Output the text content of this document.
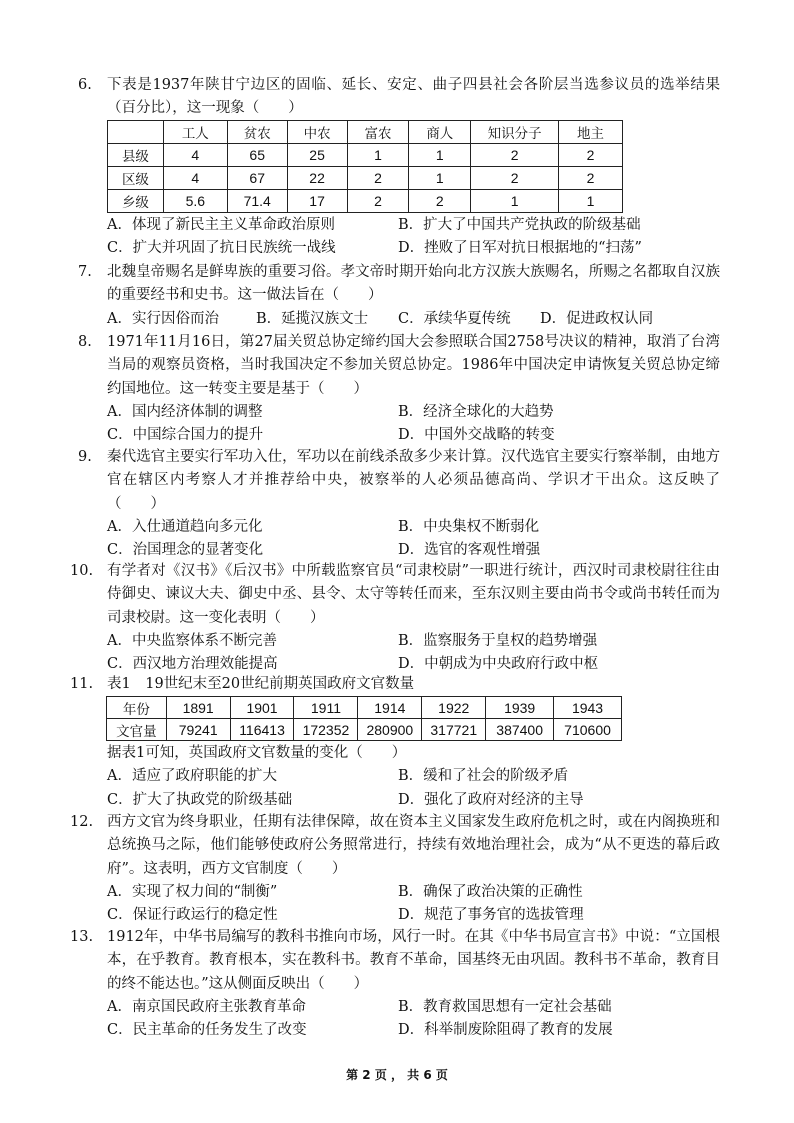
6.	下表是1937年陕甘宁边区的固临、延长、安定、曲子四县社会各阶层当选参议员的选举结果（百分比），这一现象（　　）
	工人	贫农	中农	富农	商人	知识分子	地主
县级	4	65	25	1	1	2	2
区级	4	67	22	2	1	2	2
乡级	5.6	71.4	17	2	2	1	1
A．体现了新民主主义革命政治原则	B．扩大了中国共产党执政的阶级基础
C．扩大并巩固了抗日民族统一战线	D．挫败了日军对抗日根据地的“扫荡”
7.	北魏皇帝赐名是鲜卑族的重要习俗。孝文帝时期开始向北方汉族大族赐名，所赐之名都取自汉族的重要经书和史书。这一做法旨在（　　）
A．实行因俗而治	B．延揽汉族文士 C．承续华夏传统 D．促进政权认同
8.	1971年11月16日，第27届关贸总协定缔约国大会参照联合国2758号决议的精神，取消了台湾当局的观察员资格，当时我国决定不参加关贸总协定。1986年中国决定申请恢复关贸总协定缔约国地位。这一转变主要是基于（　　）
A．国内经济体制的调整	B．经济全球化的大趋势
C．中国综合国力的提升	D．中国外交战略的转变
9.	秦代选官主要实行军功入仕，军功以在前线杀敌多少来计算。汉代选官主要实行察举制，由地方官在辖区内考察人才并推荐给中央，被察举的人必须品德高尚、学识才干出众。这反映了（　　）
A．入仕通道趋向多元化	B．中央集权不断弱化
C．治国理念的显著变化	D．选官的客观性增强
10. 有学者对《汉书》《后汉书》中所载监察官员“司隶校尉”一职进行统计，西汉时司隶校尉往往由侍御史、谏议大夫、御史中丞、县令、太守等转任而来，至东汉则主要由尚书令或尚书转任而为司隶校尉。这一变化表明（　　）
A．中央监察体系不断完善	B．监察服务于皇权的趋势增强
C．西汉地方治理效能提高	D．中朝成为中央政府行政中枢
11. 表1　19世纪末至20世纪前期英国政府文官数量
年份	1891	1901	1911	1914	1922	1939	1943
文官量	79241	116413	172352	280900	317721	387400	710600
据表1可知，英国政府文官数量的变化（　　）
A．适应了政府职能的扩大	B．缓和了社会的阶级矛盾
C．扩大了执政党的阶级基础	D．强化了政府对经济的主导
12. 西方文官为终身职业，任期有法律保障，故在资本主义国家发生政府危机之时，或在内阁换班和总统换马之际，他们能够使政府公务照常进行，持续有效地治理社会，成为“从不更迭的幕后政府”。这表明，西方文官制度（　　）
A．实现了权力间的“制衡”	B．确保了政治决策的正确性
C．保证行政运行的稳定性	D．规范了事务官的选拔管理
13. 1912年，中华书局编写的教科书推向市场，风行一时。在其《中华书局宣言书》中说：“立国根本，在乎教育。教育根本，实在教科书。教育不革命，国基终无由巩固。教科书不革命，教育目的终不能达也。”这从侧面反映出（　　）
A．南京国民政府主张教育革命	B．教育救国思想有一定社会基础
C．民主革命的任务发生了改变	D．科举制废除阻碍了教育的发展
第 2 页 ， 共 6 页
